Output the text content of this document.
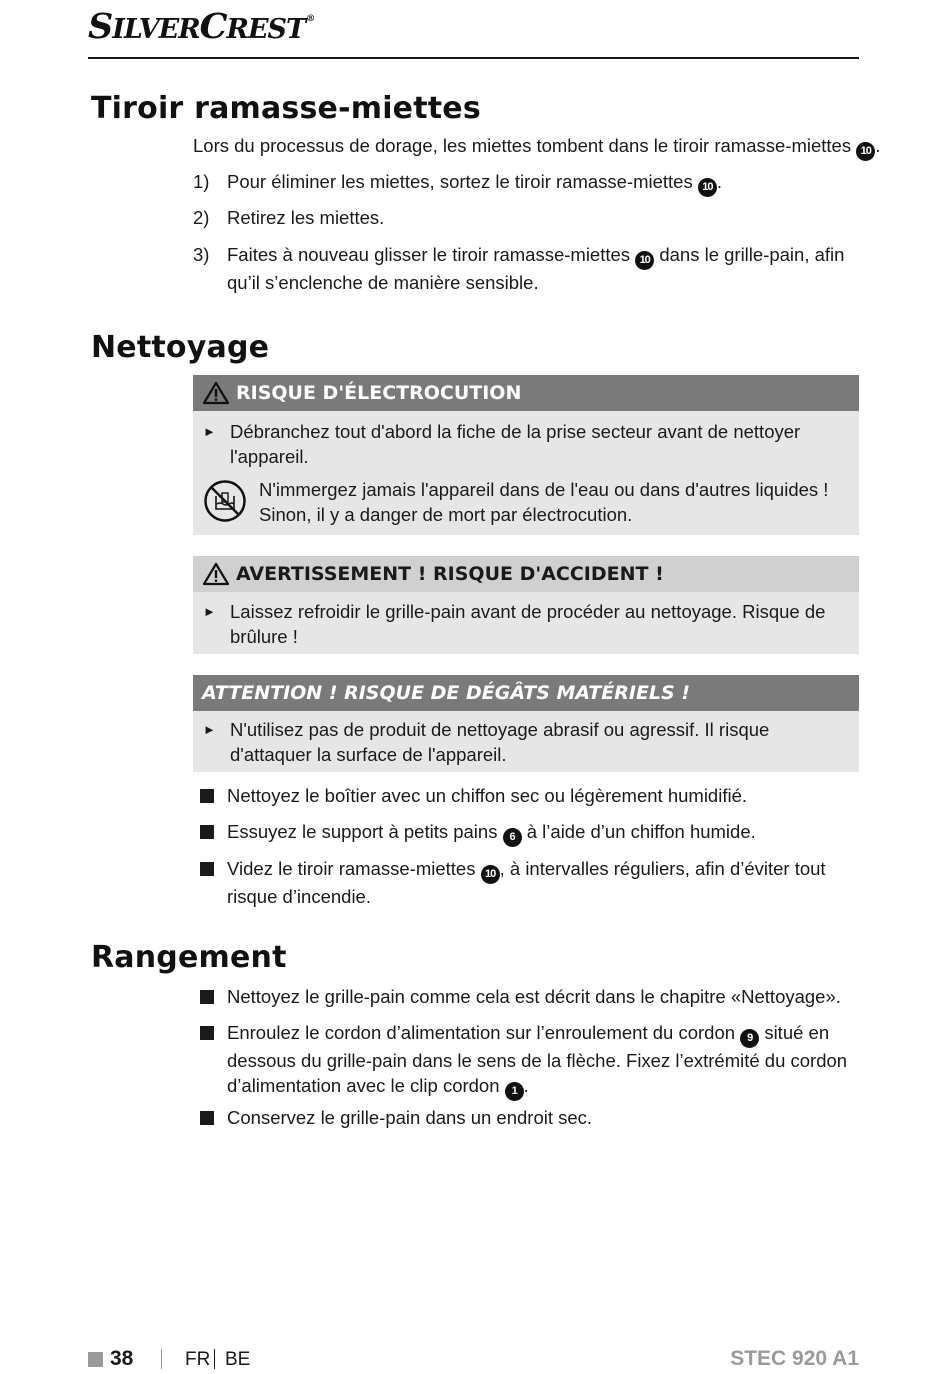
SILVERCREST®
Tiroir ramasse-miettes
Lors du processus de dorage, les miettes tombent dans le tiroir ramasse-miettes 10 .
1) Pour éliminer les miettes, sortez le tiroir ramasse-miettes 10 .
2) Retirez les miettes.
3) Faites à nouveau glisser le tiroir ramasse-miettes 10 dans le grille-pain, afin qu’il s’enclenche de manière sensible.
Nettoyage
RISQUE D'ÉLECTROCUTION
► Débranchez tout d'abord la fiche de la prise secteur avant de nettoyer l'appareil.
N'immergez jamais l'appareil dans de l'eau ou dans d'autres liquides ! Sinon, il y a danger de mort par électrocution.
AVERTISSEMENT ! RISQUE D'ACCIDENT !
► Laissez refroidir le grille-pain avant de procéder au nettoyage. Risque de brûlure !
ATTENTION ! RISQUE DE DÉGÂTS MATÉRIELS !
► N'utilisez pas de produit de nettoyage abrasif ou agressif. Il risque d'attaquer la surface de l'appareil.
Nettoyez le boîtier avec un chiffon sec ou légèrement humidifié.
Essuyez le support à petits pains 6 à l’aide d’un chiffon humide.
Videz le tiroir ramasse-miettes 10 , à intervalles réguliers, afin d’éviter tout risque d’incendie.
Rangement
Nettoyez le grille-pain comme cela est décrit dans le chapitre «Nettoyage».
Enroulez le cordon d’alimentation sur l’enroulement du cordon 9 situé en dessous du grille-pain dans le sens de la flèche. Fixez l’extrémité du cordon d’alimentation avec le clip cordon 1 .
Conservez le grille-pain dans un endroit sec.
38	FR BE	STEC 920 A1
